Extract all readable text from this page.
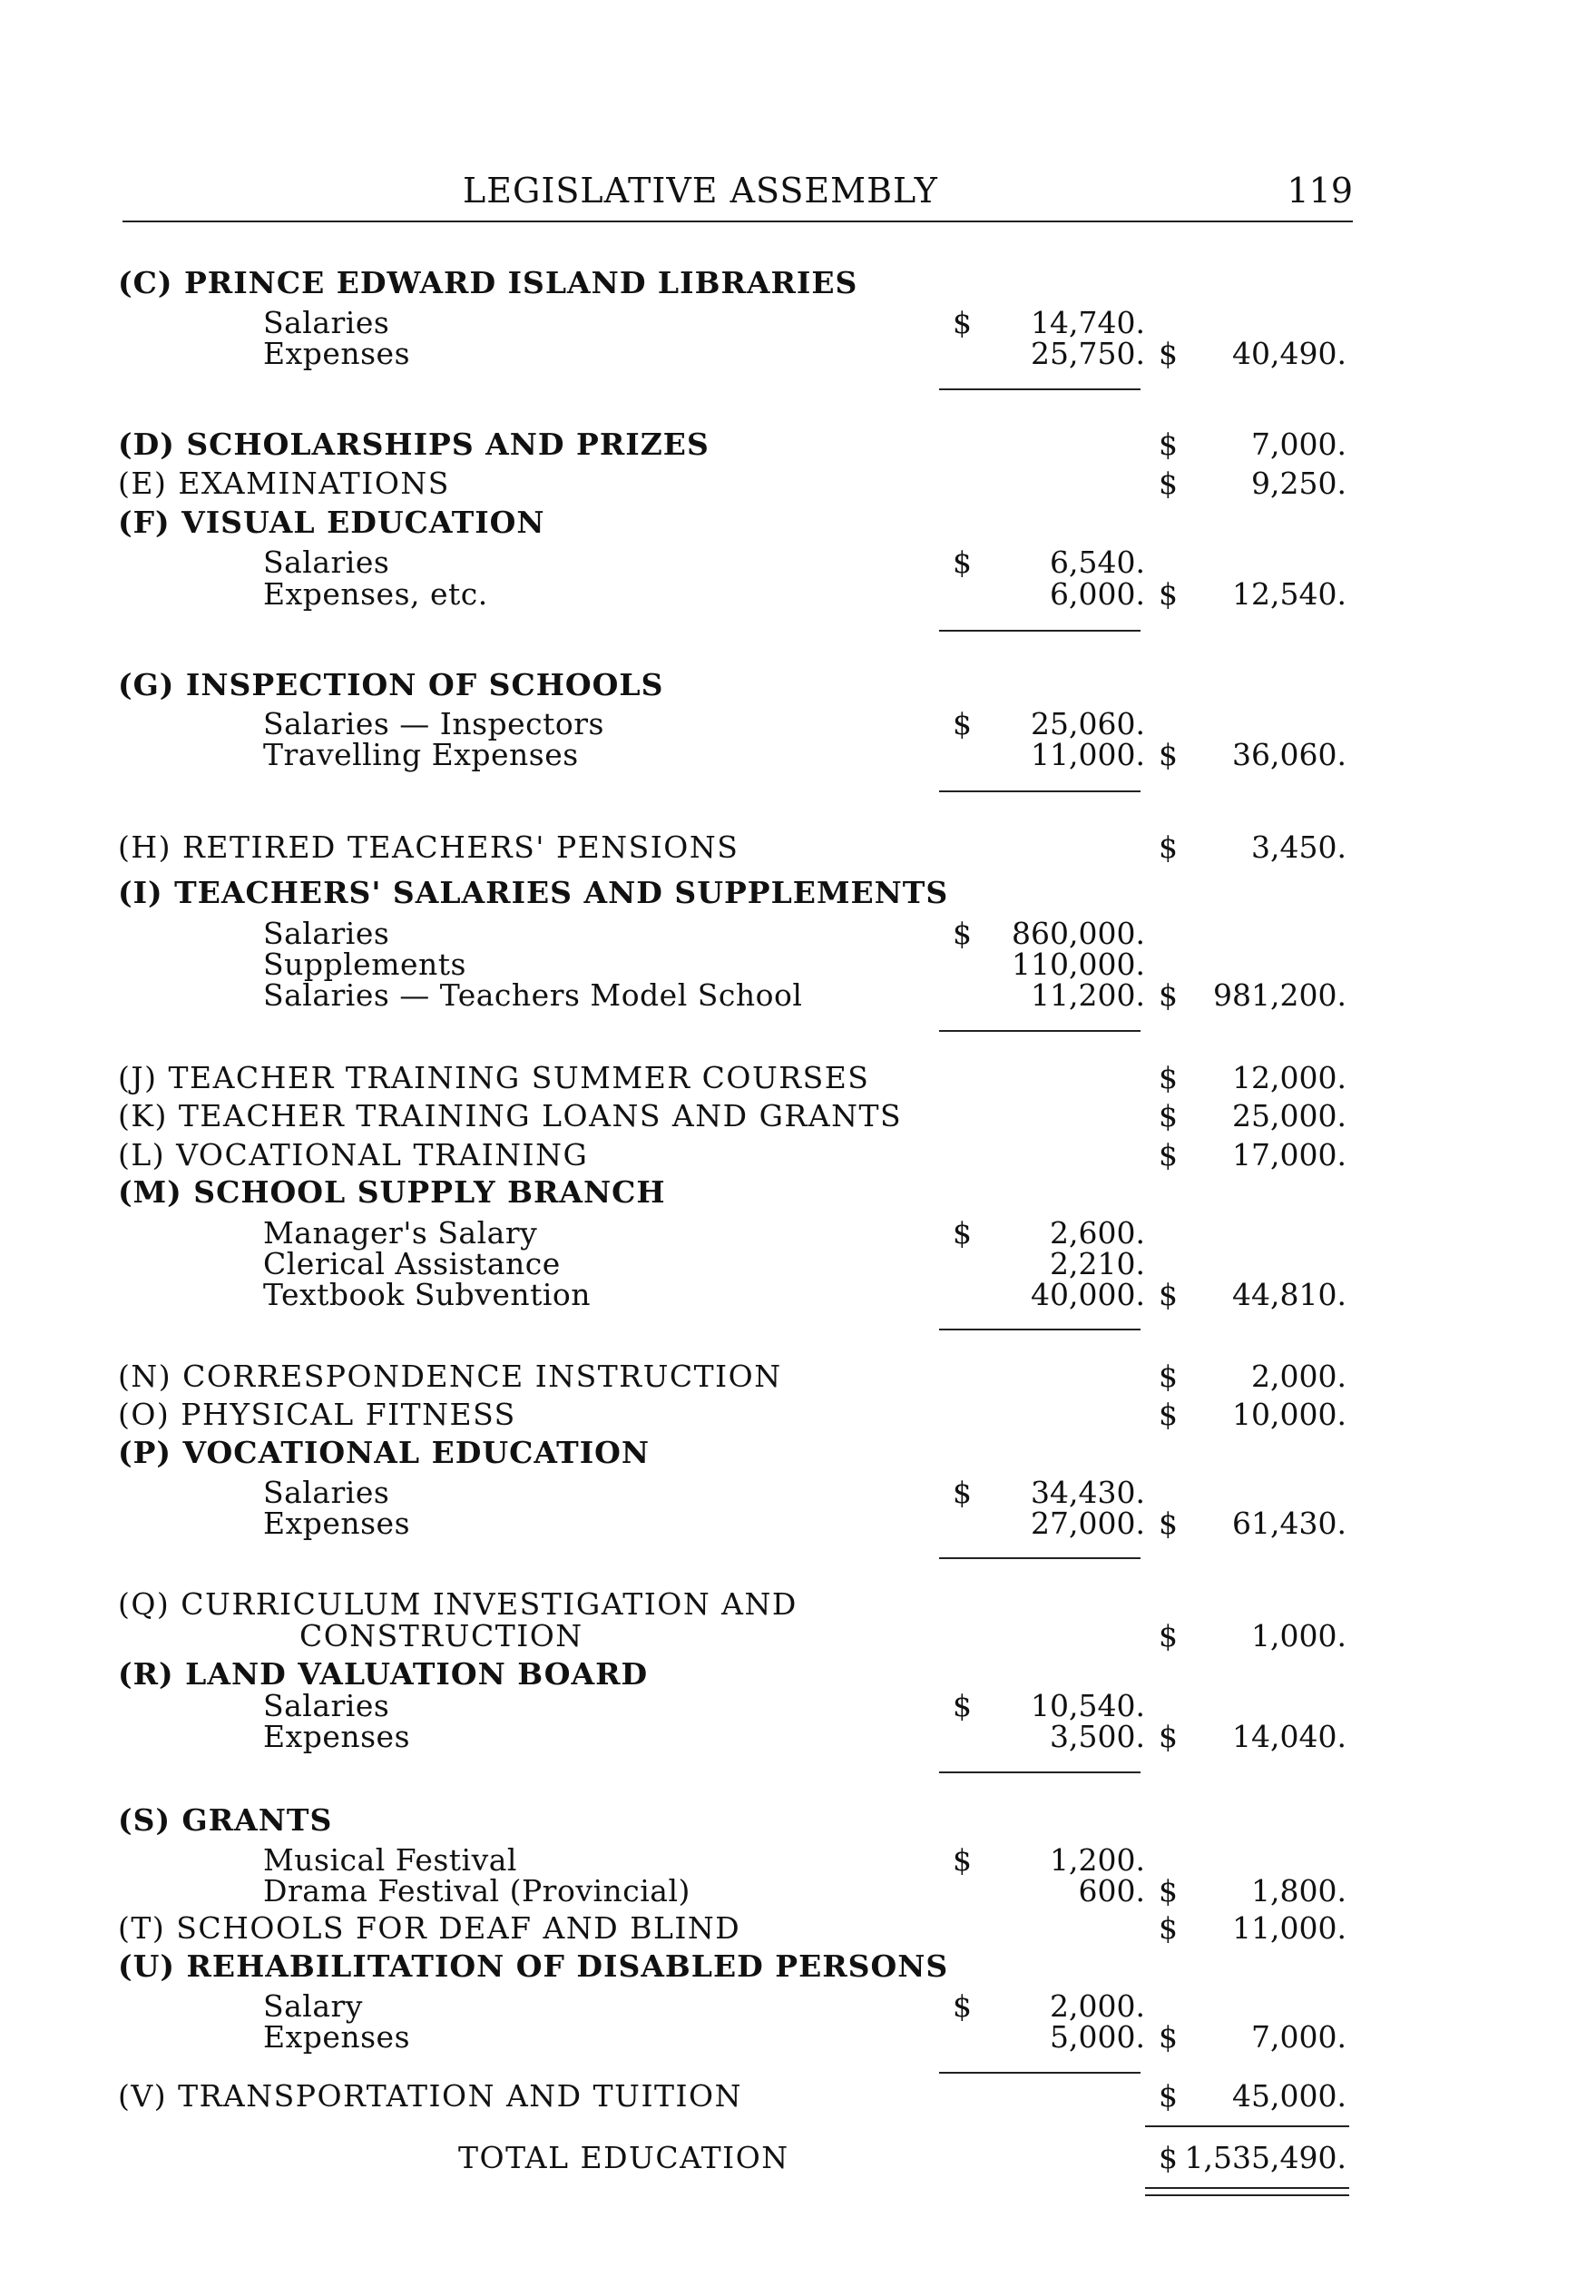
LEGISLATIVE ASSEMBLY	119
(C) PRINCE EDWARD ISLAND LIBRARIES
Salaries	$ 14,740.
Expenses	25,750. $ 40,490.
(D) SCHOLARSHIPS AND PRIZES	$ 7,000.
(E) EXAMINATIONS	$ 9,250.
(F) VISUAL EDUCATION
Salaries	$	6,540.
Expenses, etc.	6,000. $ 12,540.
(G) INSPECTION OF SCHOOLS
Salaries — Inspectors	$ 25,060.
Travelling Expenses	11,000. $ 36,060.
(H) RETIRED TEACHERS' PENSIONS	$ 3,450.
(I) TEACHERS' SALARIES AND SUPPLEMENTS
Salaries	$ 860,000.
Supplements	110,000.
Salaries — Teachers Model School	11,200. $ 981,200.
(J) TEACHER TRAINING SUMMER COURSES	$ 12,000.
(K) TEACHER TRAINING LOANS AND GRANTS	$ 25,000.
(L) VOCATIONAL TRAINING	$ 17,000.
(M) SCHOOL SUPPLY BRANCH
Manager's Salary	$	2,600.
Clerical Assistance	2,210.
Textbook Subvention	40,000. $ 44,810.
(N) CORRESPONDENCE INSTRUCTION	$ 2,000.
(O) PHYSICAL FITNESS	$ 10,000.
(P) VOCATIONAL EDUCATION
Salaries	$ 34,430.
Expenses	27,000. $ 61,430.
(Q) CURRICULUM INVESTIGATION AND
CONSTRUCTION	$ 1,000.
(R) LAND VALUATION BOARD
Salaries	$ 10,540.
Expenses	3,500. $ 14,040.
(S) GRANTS
Musical Festival	$	1,200.
Drama Festival (Provincial)	600. $ 1,800.
(T) SCHOOLS FOR DEAF AND BLIND	$ 11,000.
(U) REHABILITATION OF DISABLED PERSONS
Salary	$	2,000.
Expenses	5,000. $ 7,000.
(V) TRANSPORTATION AND TUITION	$ 45,000.
TOTAL EDUCATION	$ 1,535,490.
